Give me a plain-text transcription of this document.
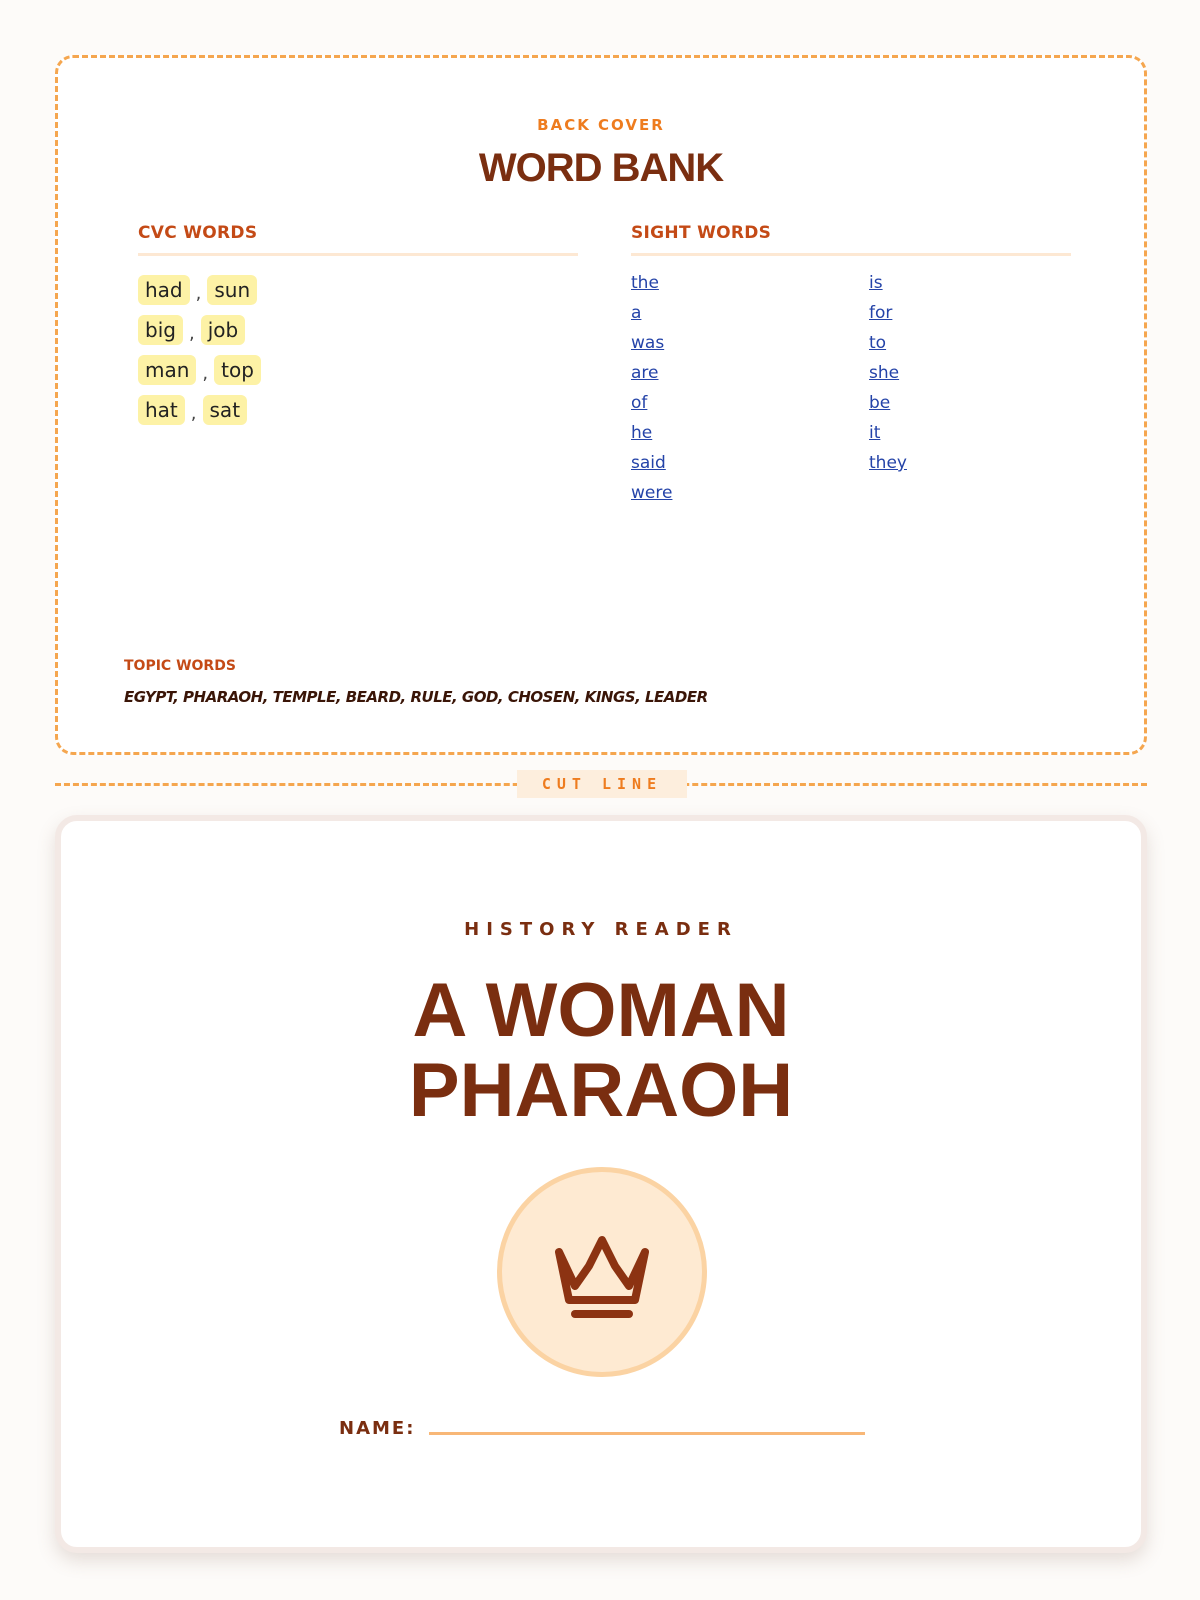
BACK COVER
WORD BANK
CVC WORDS
had , sun
big , job
man , top
hat , sat
SIGHT WORDS
the
a
was
are
of
he
said
were
is
for
to
she
be
it
they
TOPIC WORDS
EGYPT, PHARAOH, TEMPLE, BEARD, RULE, GOD, CHOSEN, KINGS, LEADER
CUT LINE
HISTORY READER
A WOMAN
PHARAOH
NAME:
